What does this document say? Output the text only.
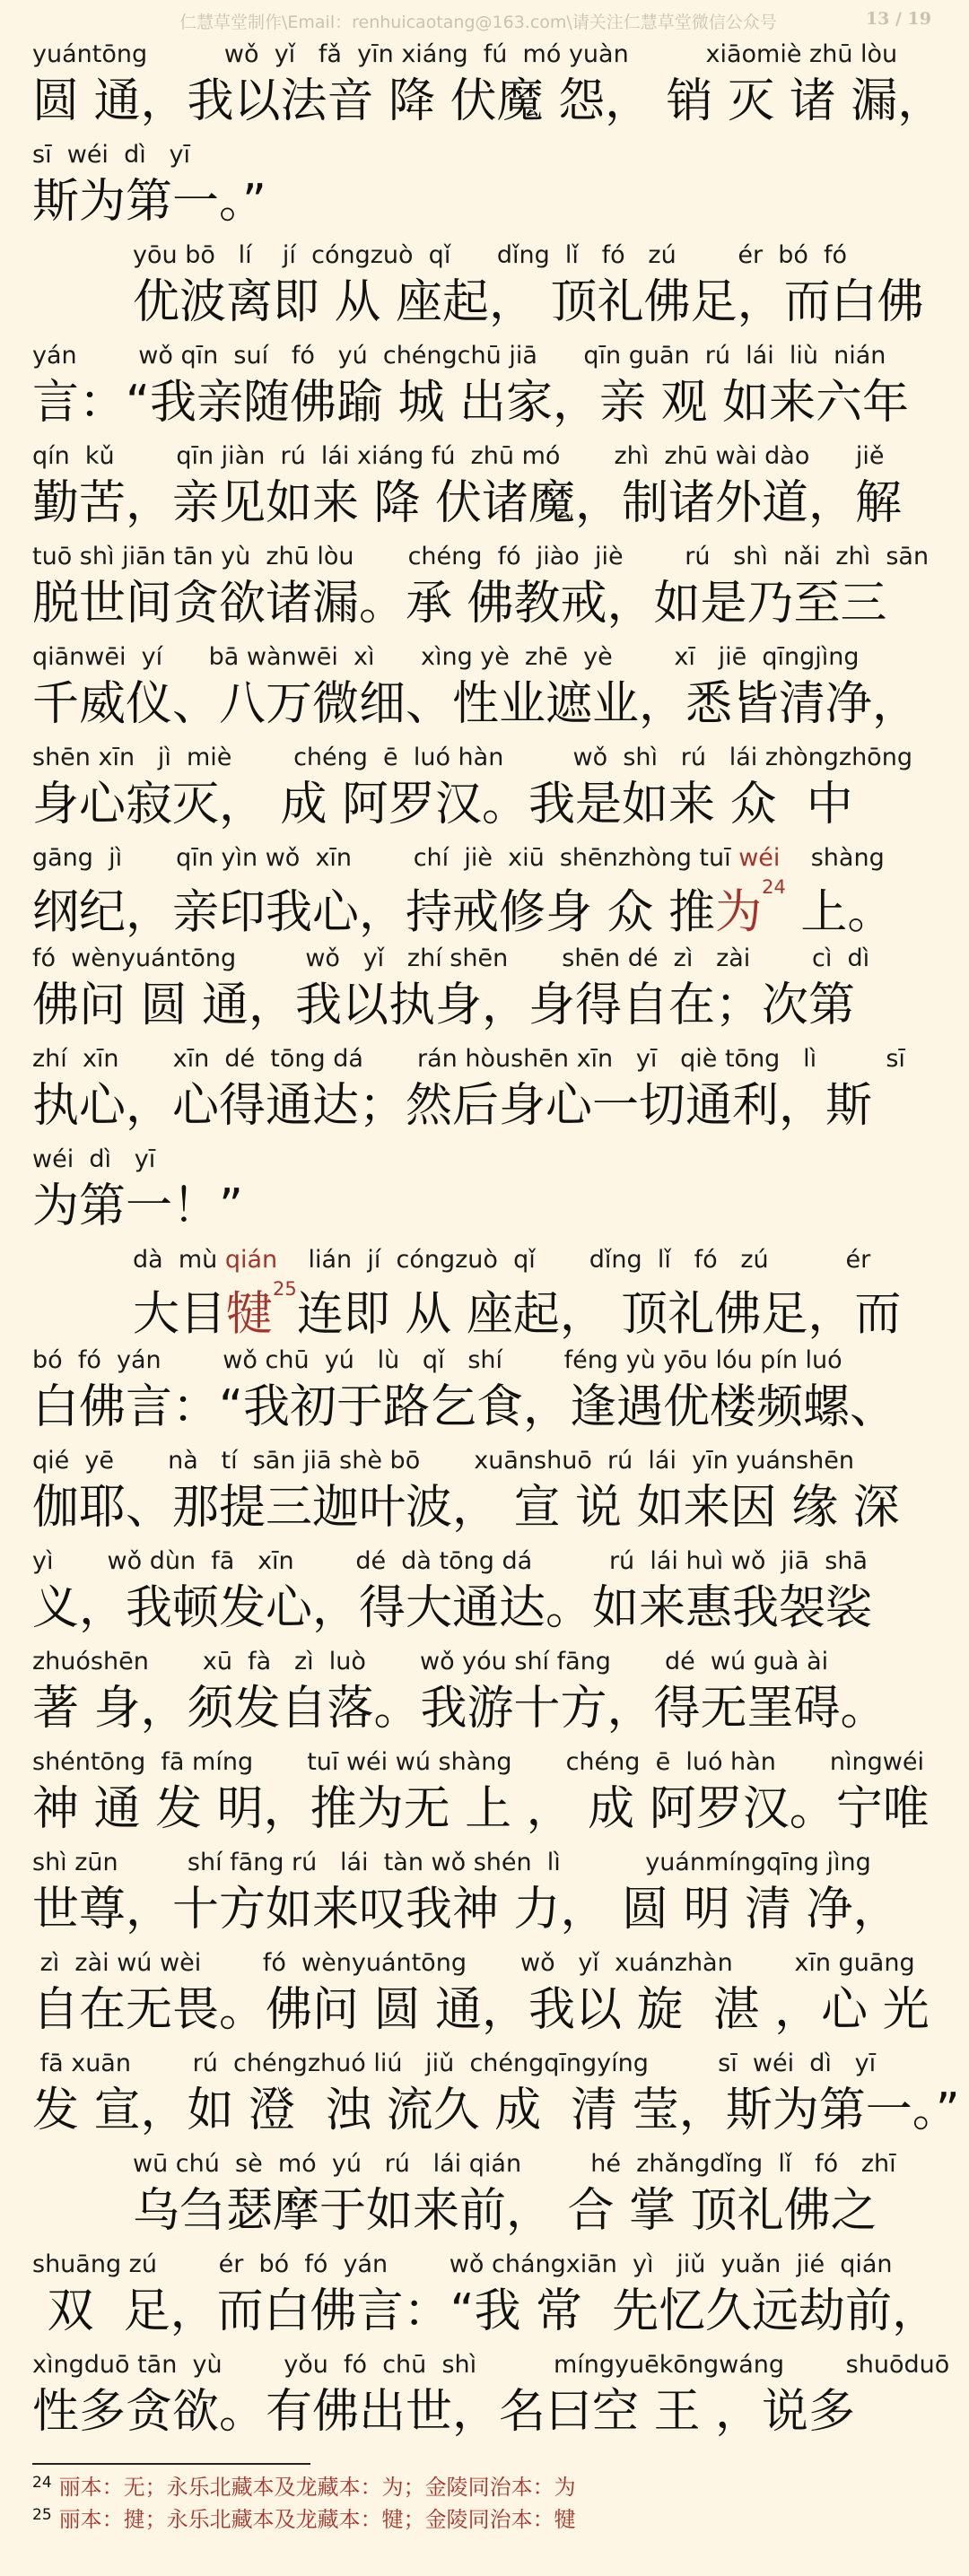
仁慧草堂制作\Email：renhuicaotang@163.com\请关注仁慧草堂微信公众号	13 / 19
yuántōng          wǒ  yǐ   fǎ  yīn xiáng  fú  mó yuàn          xiāomiè zhū lòu
圆 通，我以法音 降 伏魔 怨， 销 灭 诸 漏，
sī  wéi  dì   yī
斯为第一。”
yōu bō   lí    jí  cóngzuò  qǐ      dǐng  lǐ   fó   zú        ér  bó  fó
优波离即 从 座起， 顶礼佛足，而白佛
yán        wǒ qīn  suí   fó   yú  chéngchū jiā      qīn guān  rú  lái  liù  nián
言：“我亲随佛踰 城 出家，亲 观 如来六年
qín  kǔ        qīn jiàn  rú  lái xiáng fú  zhū mó       zhì  zhū wài dào      jiě
勤苦，亲见如来 降 伏诸魔，制诸外道，解
tuō shì jiān tān yù  zhū lòu       chéng  fó  jiào  jiè        rú   shì  nǎi  zhì  sān
脱世间贪欲诸漏。承 佛教戒，如是乃至三
qiānwēi  yí      bā wànwēi  xì      xìng yè  zhē  yè        xī   jiē  qīngjìng
千威仪、八万微细、性业遮业，悉皆清净，
shēn xīn   jì  miè        chéng  ē  luó hàn         wǒ  shì   rú   lái zhòngzhōng
身心寂灭， 成 阿罗汉。我是如来 众  中
gāng  jì       qīn yìn wǒ  xīn        chí  jiè  xiū  shēnzhòng tuī wéi    shàng
纲纪，亲印我心，持戒修身 众 推为$^{24}$ 上。
fó  wènyuántōng         wǒ   yǐ   zhí shēn       shēn dé  zì   zài        cì  dì
佛问 圆 通，我以执身，身得自在；次第
zhí  xīn       xīn  dé  tōng dá       rán hòushēn xīn   yī   qiè tōng   lì         sī
执心，心得通达；然后身心一切通利，斯
wéi  dì   yī
为第一！”
dà  mù qián    lián  jí  cóngzuò  qǐ       dǐng  lǐ   fó   zú          ér
大目犍$^{25}$连即 从 座起， 顶礼佛足，而
bó  fó  yán        wǒ chū  yú   lù   qǐ   shí        féng yù yōu lóu pín luó
白佛言：“我初于路乞食，逢遇优楼频螺、
qié  yē       nà   tí  sān jiā shè bō       xuānshuō  rú  lái  yīn yuánshēn
伽耶、那提三迦叶波， 宣 说 如来因 缘 深
yì       wǒ dùn  fā   xīn        dé  dà tōng dá          rú  lái huì wǒ  jiā  shā
义，我顿发心，得大通达。如来惠我袈裟
zhuóshēn       xū  fà   zì  luò       wǒ yóu shí fāng       dé  wú guà ài
著 身，须发自落。我游十方，得无罣碍。
shéntōng  fā míng       tuī wéi wú shàng       chéng  ē  luó hàn       nìngwéi
神 通 发 明，推为无 上 ， 成 阿罗汉。宁唯
shì zūn         shí fāng rú   lái  tàn wǒ shén  lì           yuánmíngqīng jìng
世尊，十方如来叹我神 力， 圆 明 清 净，
zì  zài wú wèi        fó  wènyuántōng       wǒ   yǐ  xuánzhàn        xīn guāng
自在无畏。佛问 圆 通，我以 旋  湛 ，心 光
fā xuān        rú  chéngzhuó liú   jiǔ  chéngqīngyíng         sī  wéi  dì   yī
发 宣，如 澄  浊 流久 成  清 莹，斯为第一。”
wū chú  sè  mó  yú   rú   lái qián         hé  zhǎngdǐng  lǐ   fó   zhī
乌刍瑟摩于如来前， 合 掌 顶礼佛之
shuāng zú        ér  bó  fó  yán        wǒ chángxiān  yì   jiǔ  yuǎn  jié  qián
双  足，而白佛言：“我 常  先忆久远劫前，
xìngduō tān  yù        yǒu  fó  chū  shì          míngyuēkōngwáng        shuōduō
性多贪欲。有佛出世，名曰空 王 ，说多
$^{24}$ 丽本：无；永乐北藏本及龙藏本：为；金陵同治本：为
$^{25}$ 丽本：揵；永乐北藏本及龙藏本：犍；金陵同治本：犍
